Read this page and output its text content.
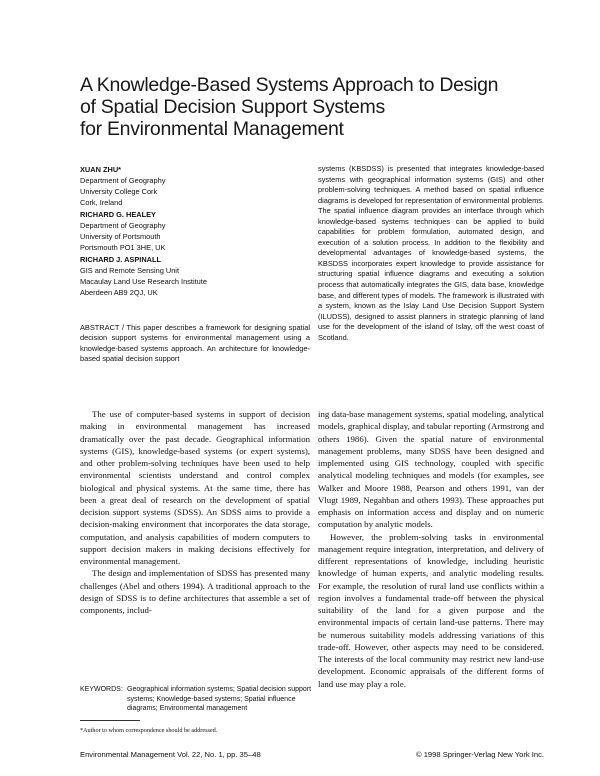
A Knowledge-Based Systems Approach to Design
of Spatial Decision Support Systems
for Environmental Management
XUAN ZHU*
Department of Geography
University College Cork
Cork, Ireland
RICHARD G. HEALEY
Department of Geography
University of Portsmouth
Portsmouth PO1 3HE, UK
RICHARD J. ASPINALL
GIS and Remote Sensing Unit
Macaulay Land Use Research Institute
Aberdeen AB9 2QJ, UK
ABSTRACT / This paper describes a framework for designing spatial decision support systems for environmental management using a knowledge-based systems approach. An architecture for knowledge-based spatial decision support
systems (KBSDSS) is presented that integrates knowledge-based systems with geographical information systems (GIS) and other problem-solving techniques. A method based on spatial influence diagrams is developed for representation of environmental problems. The spatial influence diagram provides an interface through which knowledge-based systems techniques can be applied to build capabilities for problem formulation, automated design, and execution of a solution process. In addition to the flexibility and developmental advantages of knowledge-based systems, the KBSDSS incorporates expert knowledge to provide assistance for structuring spatial influence diagrams and executing a solution process that automatically integrates the GIS, data base, knowledge base, and different types of models. The framework is illustrated with a system, known as the Islay Land Use Decision Support System (ILUDSS), designed to assist planners in strategic planning of land use for the development of the island of Islay, off the west coast of Scotland.

The use of computer-based systems in support of decision making in environmental management has increased dramatically over the past decade. Geographical information systems (GIS), knowledge-based systems (or expert systems), and other problem-solving techniques have been used to help environmental scientists understand and control complex biological and physical systems. At the same time, there has been a great deal of research on the development of spatial decision support systems (SDSS). An SDSS aims to provide a decision-making environment that incorporates the data storage, computation, and analysis capabilities of modern computers to support decision makers in making decisions effectively for environmental management.

The design and implementation of SDSS has presented many challenges (Abel and others 1994). A traditional approach to the design of SDSS is to define architectures that assemble a set of components, includ-

ing data-base management systems, spatial modeling, analytical models, graphical display, and tabular reporting (Armstrong and others 1986). Given the spatial nature of environmental management problems, many SDSS have been designed and implemented using GIS technology, coupled with specific analytical modeling techniques and models (for examples, see Walker and Moore 1988, Pearson and others 1991, van der Vlugt 1989, Negahban and others 1993). These approaches put emphasis on information access and display and on numeric computation by analytic models.

However, the problem-solving tasks in environmental management require integration, interpretation, and delivery of different representations of knowledge, including heuristic knowledge of human experts, and analytic modeling results. For example, the resolution of rural land use conflicts within a region involves a fundamental trade-off between the physical suitability of the land for a given purpose and the environmental impacts of certain land-use patterns. There may be numerous suitability models addressing variations of this trade-off. However, other aspects may need to be considered. The interests of the local community may restrict new land-use development. Economic appraisals of the different forms of land use may play a role.

KEYWORDS: Geographical information systems; Spatial decision support systems; Knowledge-based systems; Spatial influence diagrams; Environmental management
*Author to whom correspondence should be addressed.
Environmental Management Vol. 22, No. 1, pp. 35–48	© 1998 Springer-Verlag New York Inc.
